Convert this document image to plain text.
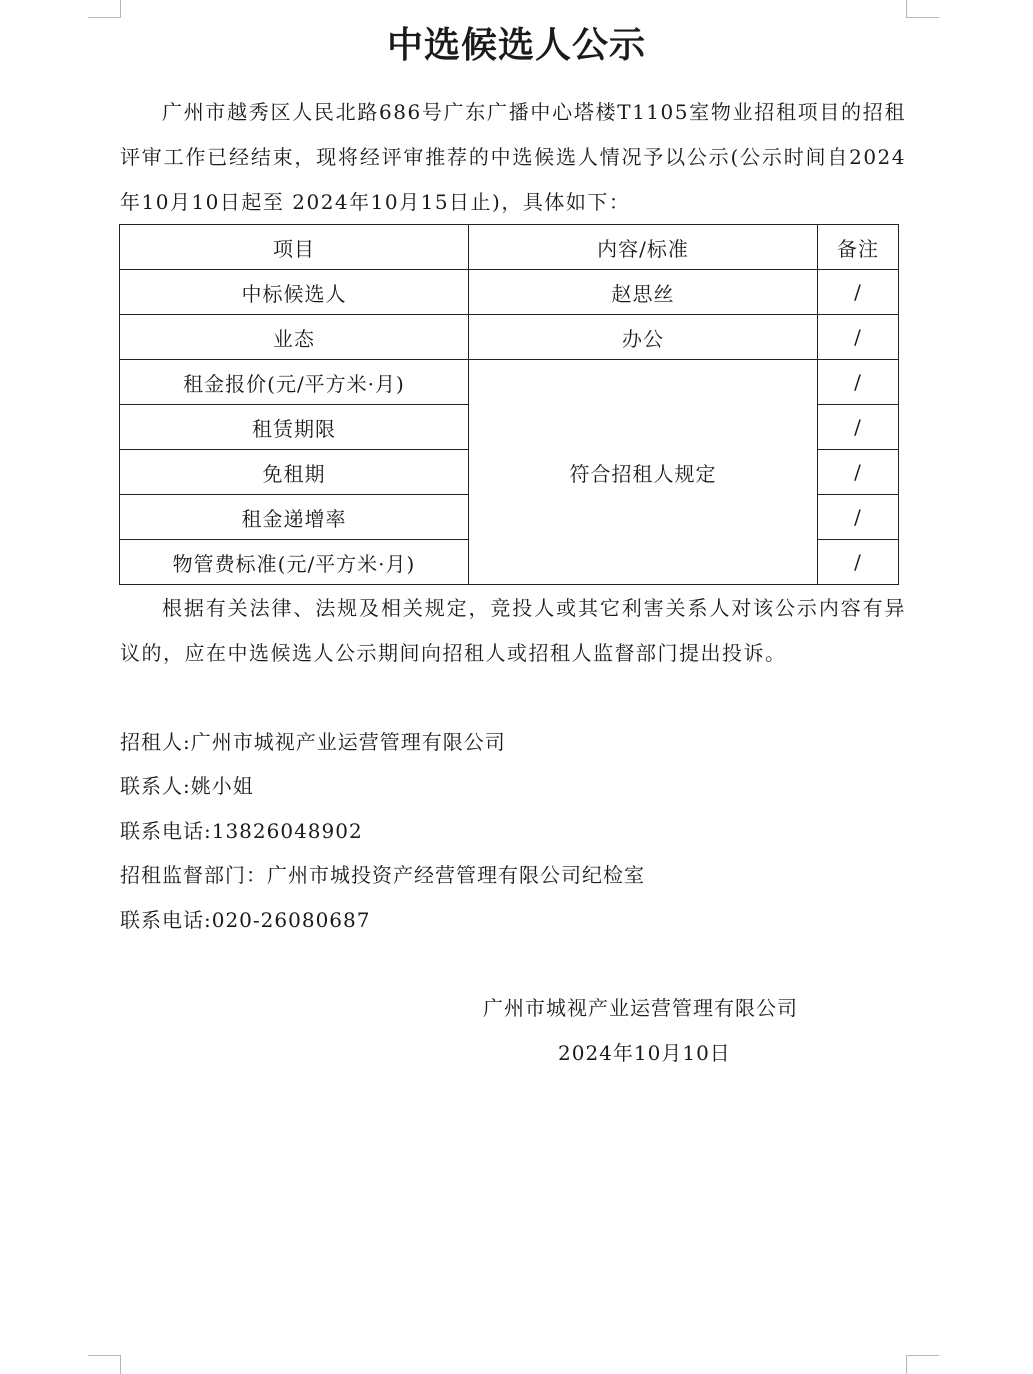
中选候选人公示

广州市越秀区人民北路686号广东广播中心塔楼T1105室物业招租项目的招租评审工作已经结束，现将经评审推荐的中选候选人情况予以公示(公示时间自2024年10月10日起至 2024年10月15日止)，具体如下：

项目	内容/标准	备注
中标候选人	赵思丝	/
业态	办公	/
租金报价(元/平方米·月)	符合招租人规定	/
租赁期限		/
免租期		/
租金递增率		/
物管费标准(元/平方米·月)		/

根据有关法律、法规及相关规定，竞投人或其它利害关系人对该公示内容有异议的，应在中选候选人公示期间向招租人或招租人监督部门提出投诉。

招租人:广州市城视产业运营管理有限公司

联系人:姚小姐

联系电话:13826048902

招租监督部门：广州市城投资产经营管理有限公司纪检室

联系电话:020-26080687

广州市城视产业运营管理有限公司

2024年10月10日
